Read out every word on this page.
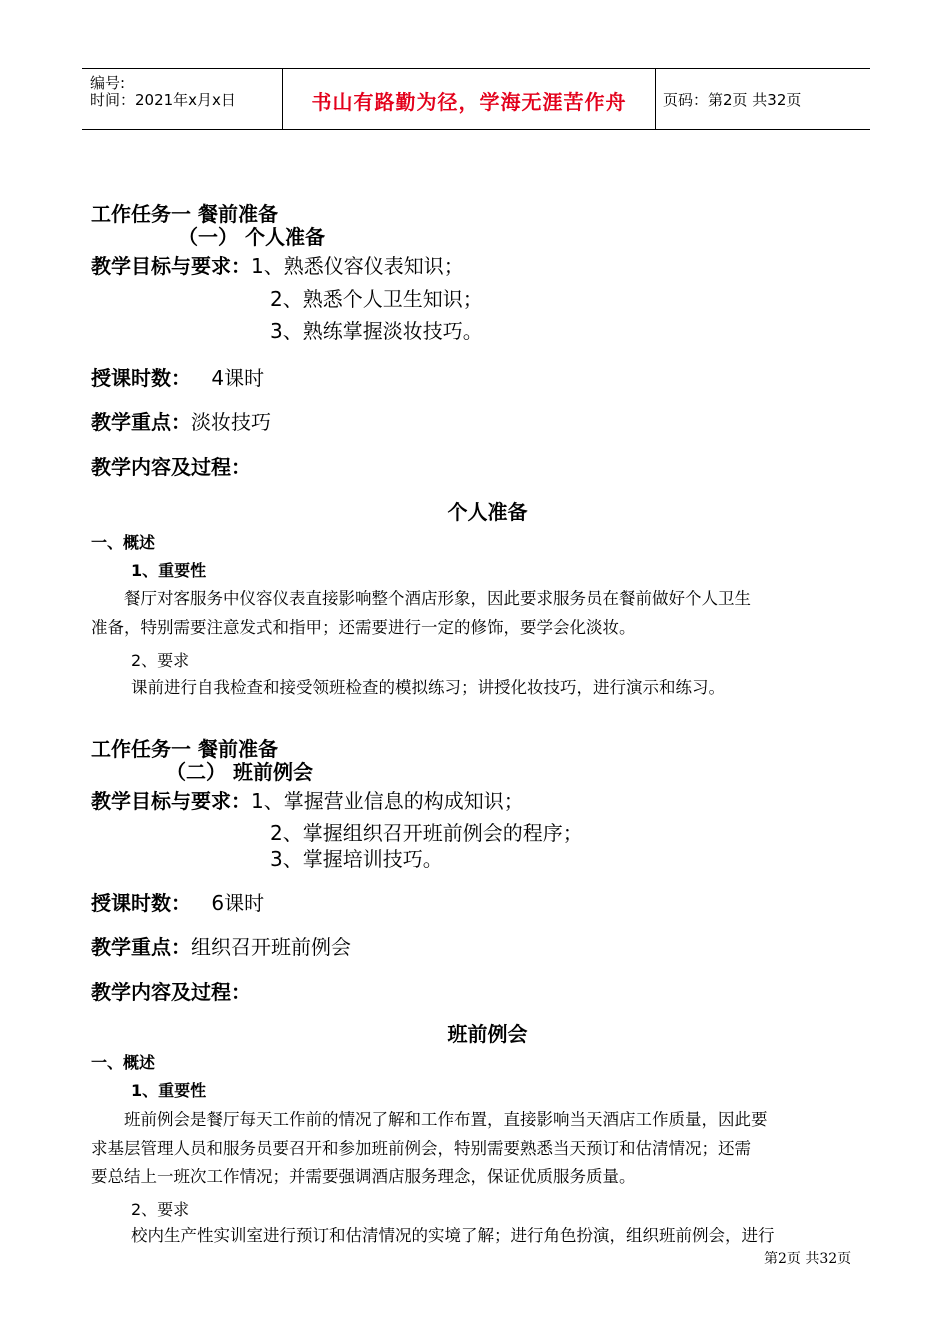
编号:
时间：2021年x月x日	书山有路勤为径，学海无涯苦作舟	页码：第2页 共32页
工作任务一 餐前准备
（一） 个人准备
教学目标与要求：1、熟悉仪容仪表知识；
2、熟悉个人卫生知识；
3、熟练掌握淡妆技巧。
授课时数： 4课时
教学重点：淡妆技巧
教学内容及过程：
个人准备
一、概述
1、重要性
餐厅对客服务中仪容仪表直接影响整个酒店形象，因此要求服务员在餐前做好个人卫生
准备，特别需要注意发式和指甲；还需要进行一定的修饰，要学会化淡妆。
2、要求
课前进行自我检查和接受领班检查的模拟练习；讲授化妆技巧，进行演示和练习。
工作任务一 餐前准备
（二） 班前例会
教学目标与要求：1、掌握营业信息的构成知识；
2、掌握组织召开班前例会的程序；
3、掌握培训技巧。
授课时数： 6课时
教学重点：组织召开班前例会
教学内容及过程：
班前例会
一、概述
1、重要性
班前例会是餐厅每天工作前的情况了解和工作布置，直接影响当天酒店工作质量，因此要
求基层管理人员和服务员要召开和参加班前例会，特别需要熟悉当天预订和估清情况；还需
要总结上一班次工作情况；并需要强调酒店服务理念，保证优质服务质量。
2、要求
校内生产性实训室进行预订和估清情况的实境了解；进行角色扮演，组织班前例会，进行
第2页 共32页
